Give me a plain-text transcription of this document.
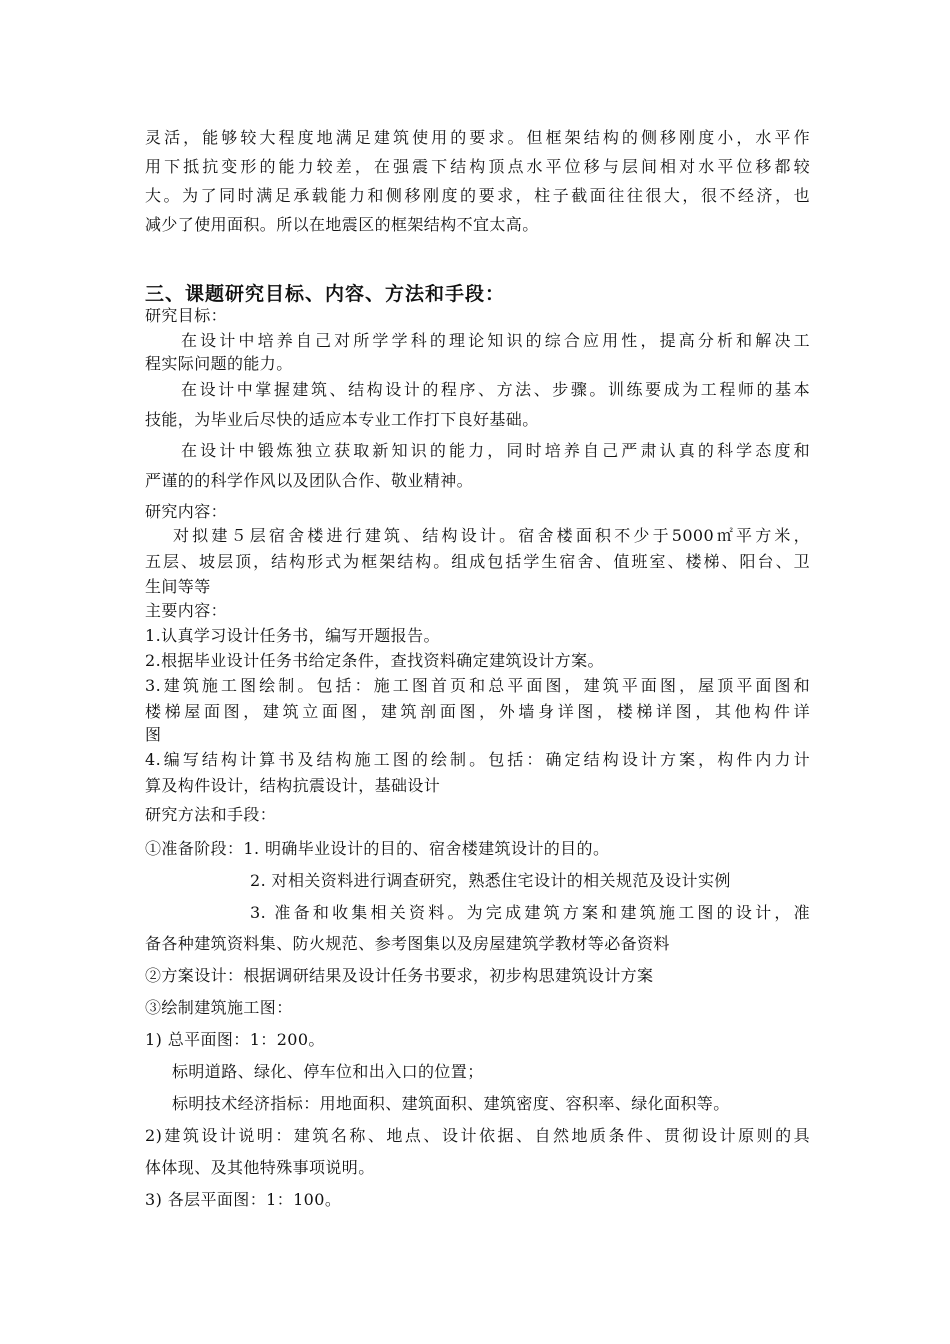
灵活，能够较大程度地满足建筑使用的要求。但框架结构的侧移刚度小，水平作
用下抵抗变形的能力较差，在强震下结构顶点水平位移与层间相对水平位移都较
大。为了同时满足承载能力和侧移刚度的要求，柱子截面往往很大，很不经济，也
减少了使用面积。所以在地震区的框架结构不宜太高。
三、课题研究目标、内容、方法和手段：
研究目标：
在设计中培养自己对所学学科的理论知识的综合应用性，提高分析和解决工
程实际问题的能力。
在设计中掌握建筑、结构设计的程序、方法、步骤。训练要成为工程师的基本
技能，为毕业后尽快的适应本专业工作打下良好基础。
在设计中锻炼独立获取新知识的能力，同时培养自己严肃认真的科学态度和
严谨的的科学作风以及团队合作、敬业精神。
研究内容：
对拟建５层宿舍楼进行建筑、结构设计。宿舍楼面积不少于5000㎡平方米，
五层、坡层顶，结构形式为框架结构。组成包括学生宿舍、值班室、楼梯、阳台、卫
生间等等
主要内容：
1.认真学习设计任务书，编写开题报告。
2.根据毕业设计任务书给定条件，查找资料确定建筑设计方案。
3.建筑施工图绘制。包括：施工图首页和总平面图，建筑平面图，屋顶平面图和
楼梯屋面图，建筑立面图，建筑剖面图，外墙身详图，楼梯详图，其他构件详
图
4.编写结构计算书及结构施工图的绘制。包括：确定结构设计方案，构件内力计
算及构件设计，结构抗震设计，基础设计
研究方法和手段：
①准备阶段：1. 明确毕业设计的目的、宿舍楼建筑设计的目的。
2. 对相关资料进行调查研究，熟悉住宅设计的相关规范及设计实例
3. 准备和收集相关资料。为完成建筑方案和建筑施工图的设计，准
备各种建筑资料集、防火规范、参考图集以及房屋建筑学教材等必备资料
②方案设计：根据调研结果及设计任务书要求，初步构思建筑设计方案
③绘制建筑施工图：
1) 总平面图：1：200。
标明道路、绿化、停车位和出入口的位置；
标明技术经济指标：用地面积、建筑面积、建筑密度、容积率、绿化面积等。
2)建筑设计说明：建筑名称、地点、设计依据、自然地质条件、贯彻设计原则的具
体体现、及其他特殊事项说明。
3) 各层平面图：1：100。
